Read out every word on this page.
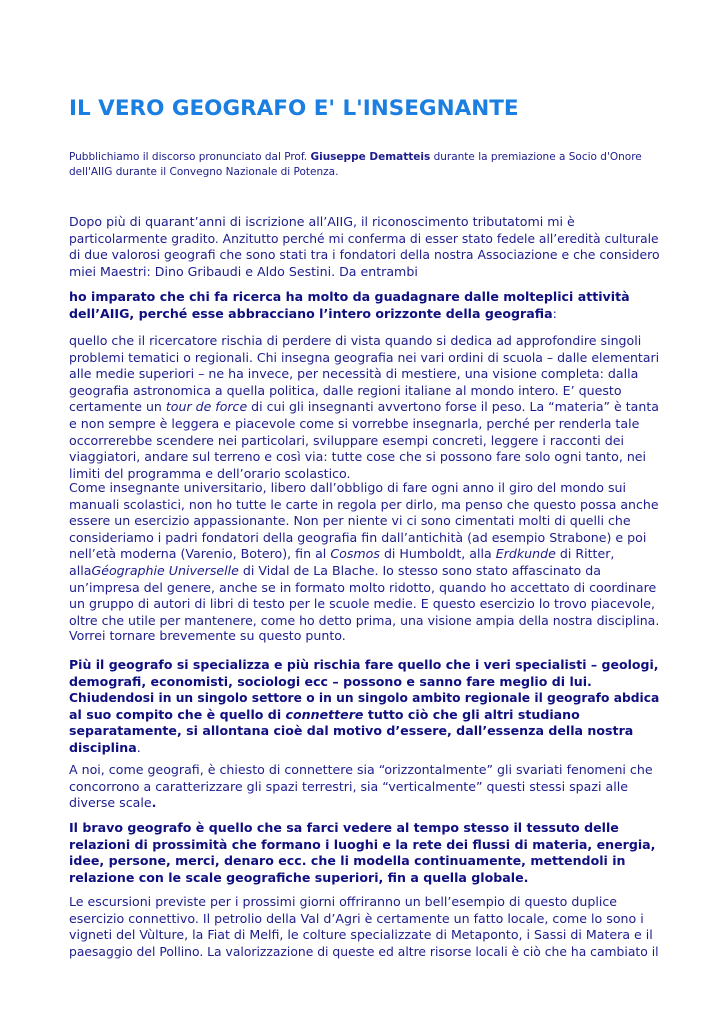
IL VERO GEOGRAFO E' L'INSEGNANTE

Pubblichiamo il discorso pronunciato dal Prof. Giuseppe Dematteis durante la premiazione a Socio d'Onore
dell'AIIG durante il Convegno Nazionale di Potenza.

Dopo più di quarant’anni di iscrizione all’AIIG, il riconoscimento tributatomi mi è
particolarmente gradito. Anzitutto perché mi conferma di esser stato fedele all’eredità culturale
di due valorosi geografi che sono stati tra i fondatori della nostra Associazione e che considero
miei Maestri: Dino Gribaudi e Aldo Sestini. Da entrambi
ho imparato che chi fa ricerca ha molto da guadagnare dalle molteplici attività
dell’AIIG, perché esse abbracciano l’intero orizzonte della geografia:
quello che il ricercatore rischia di perdere di vista quando si dedica ad approfondire singoli
problemi tematici o regionali. Chi insegna geografia nei vari ordini di scuola – dalle elementari
alle medie superiori – ne ha invece, per necessità di mestiere, una visione completa: dalla
geografia astronomica a quella politica, dalle regioni italiane al mondo intero. E’ questo
certamente un tour de force di cui gli insegnanti avvertono forse il peso. La “materia” è tanta
e non sempre è leggera e piacevole come si vorrebbe insegnarla, perché per renderla tale
occorrerebbe scendere nei particolari, sviluppare esempi concreti, leggere i racconti dei
viaggiatori, andare sul terreno e così via: tutte cose che si possono fare solo ogni tanto, nei
limiti del programma e dell’orario scolastico.
Come insegnante universitario, libero dall’obbligo di fare ogni anno il giro del mondo sui
manuali scolastici, non ho tutte le carte in regola per dirlo, ma penso che questo possa anche
essere un esercizio appassionante. Non per niente vi ci sono cimentati molti di quelli che
consideriamo i padri fondatori della geografia fin dall’antichità (ad esempio Strabone) e poi
nell’età moderna (Varenio, Botero), fin al Cosmos di Humboldt, alla Erdkunde di Ritter,
allaGéographie Universelle di Vidal de La Blache. Io stesso sono stato affascinato da
un’impresa del genere, anche se in formato molto ridotto, quando ho accettato di coordinare
un gruppo di autori di libri di testo per le scuole medie. E questo esercizio lo trovo piacevole,
oltre che utile per mantenere, come ho detto prima, una visione ampia della nostra disciplina.
Vorrei tornare brevemente su questo punto.
Più il geografo si specializza e più rischia fare quello che i veri specialisti – geologi,
demografi, economisti, sociologi ecc – possono e sanno fare meglio di lui.
Chiudendosi in un singolo settore o in un singolo ambito regionale il geografo abdica
al suo compito che è quello di connettere tutto ciò che gli altri studiano
separatamente, si allontana cioè dal motivo d’essere, dall’essenza della nostra
disciplina.
A noi, come geografi, è chiesto di connettere sia “orizzontalmente” gli svariati fenomeni che
concorrono a caratterizzare gli spazi terrestri, sia “verticalmente” questi stessi spazi alle
diverse scale.
Il bravo geografo è quello che sa farci vedere al tempo stesso il tessuto delle
relazioni di prossimità che formano i luoghi e la rete dei flussi di materia, energia,
idee, persone, merci, denaro ecc. che li modella continuamente, mettendoli in
relazione con le scale geografiche superiori, fin a quella globale.
Le escursioni previste per i prossimi giorni offriranno un bell’esempio di questo duplice
esercizio connettivo. Il petrolio della Val d’Agri è certamente un fatto locale, come lo sono i
vigneti del Vùlture, la Fiat di Melfi, le colture specializzate di Metaponto, i Sassi di Matera e il
paesaggio del Pollino. La valorizzazione di queste ed altre risorse locali è ciò che ha cambiato il
